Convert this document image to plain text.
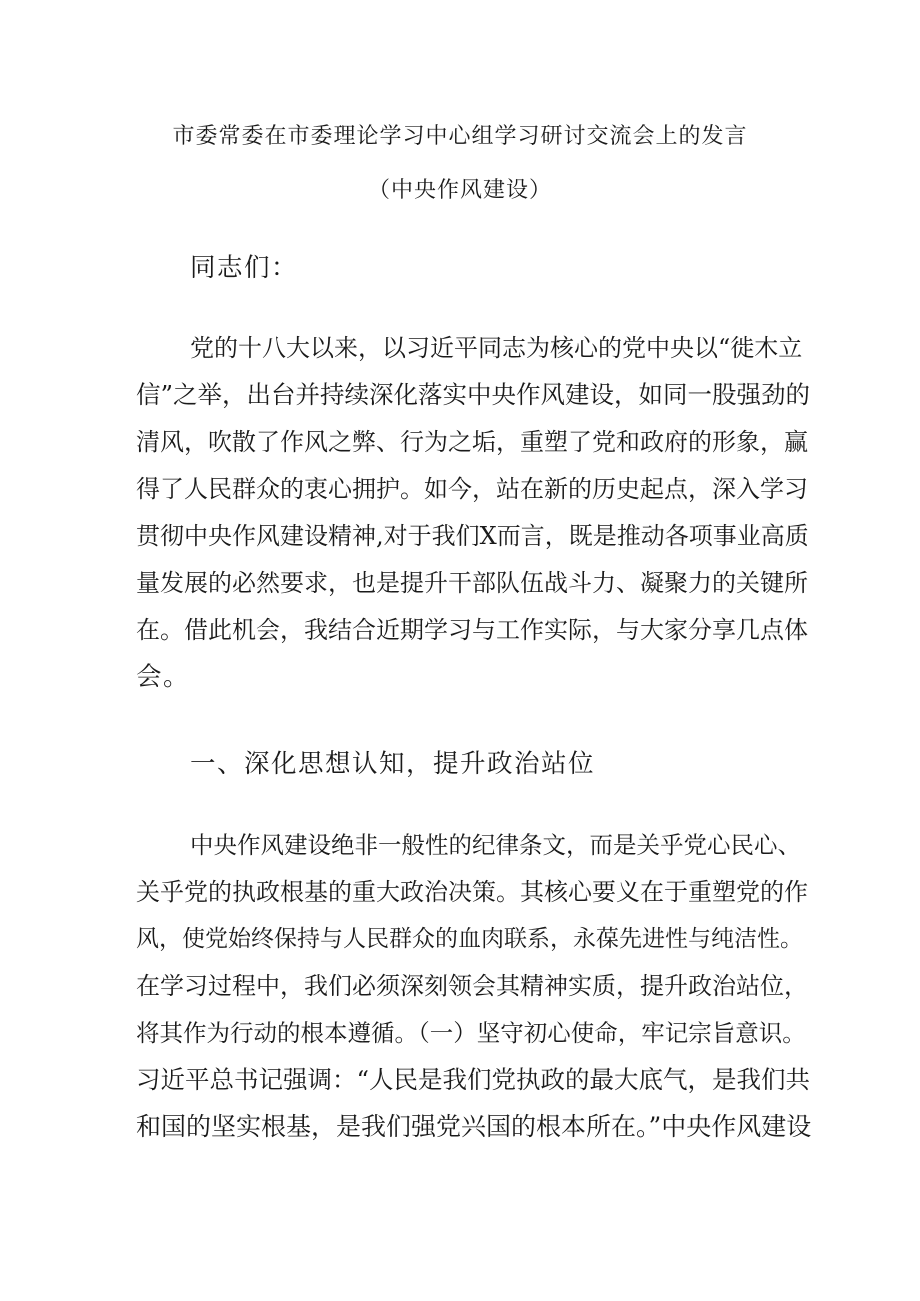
市委常委在市委理论学习中心组学习研讨交流会上的发言
（中央作风建设）
同志们：
党的十八大以来，以习近平同志为核心的党中央以“徙木立
信”之举，出台并持续深化落实中央作风建设，如同一股强劲的
清风，吹散了作风之弊、行为之垢，重塑了党和政府的形象，赢
得了人民群众的衷心拥护。如今，站在新的历史起点，深入学习
贯彻中央作风建设精神,对于我们X而言，既是推动各项事业高质
量发展的必然要求，也是提升干部队伍战斗力、凝聚力的关键所
在。借此机会，我结合近期学习与工作实际，与大家分享几点体
会。
一、深化思想认知，提升政治站位
中央作风建设绝非一般性的纪律条文，而是关乎党心民心、
关乎党的执政根基的重大政治决策。其核心要义在于重塑党的作
风，使党始终保持与人民群众的血肉联系，永葆先进性与纯洁性。
在学习过程中，我们必须深刻领会其精神实质，提升政治站位，
将其作为行动的根本遵循。（一）坚守初心使命，牢记宗旨意识。
习近平总书记强调：“人民是我们党执政的最大底气，是我们共
和国的坚实根基，是我们强党兴国的根本所在。”中央作风建设
